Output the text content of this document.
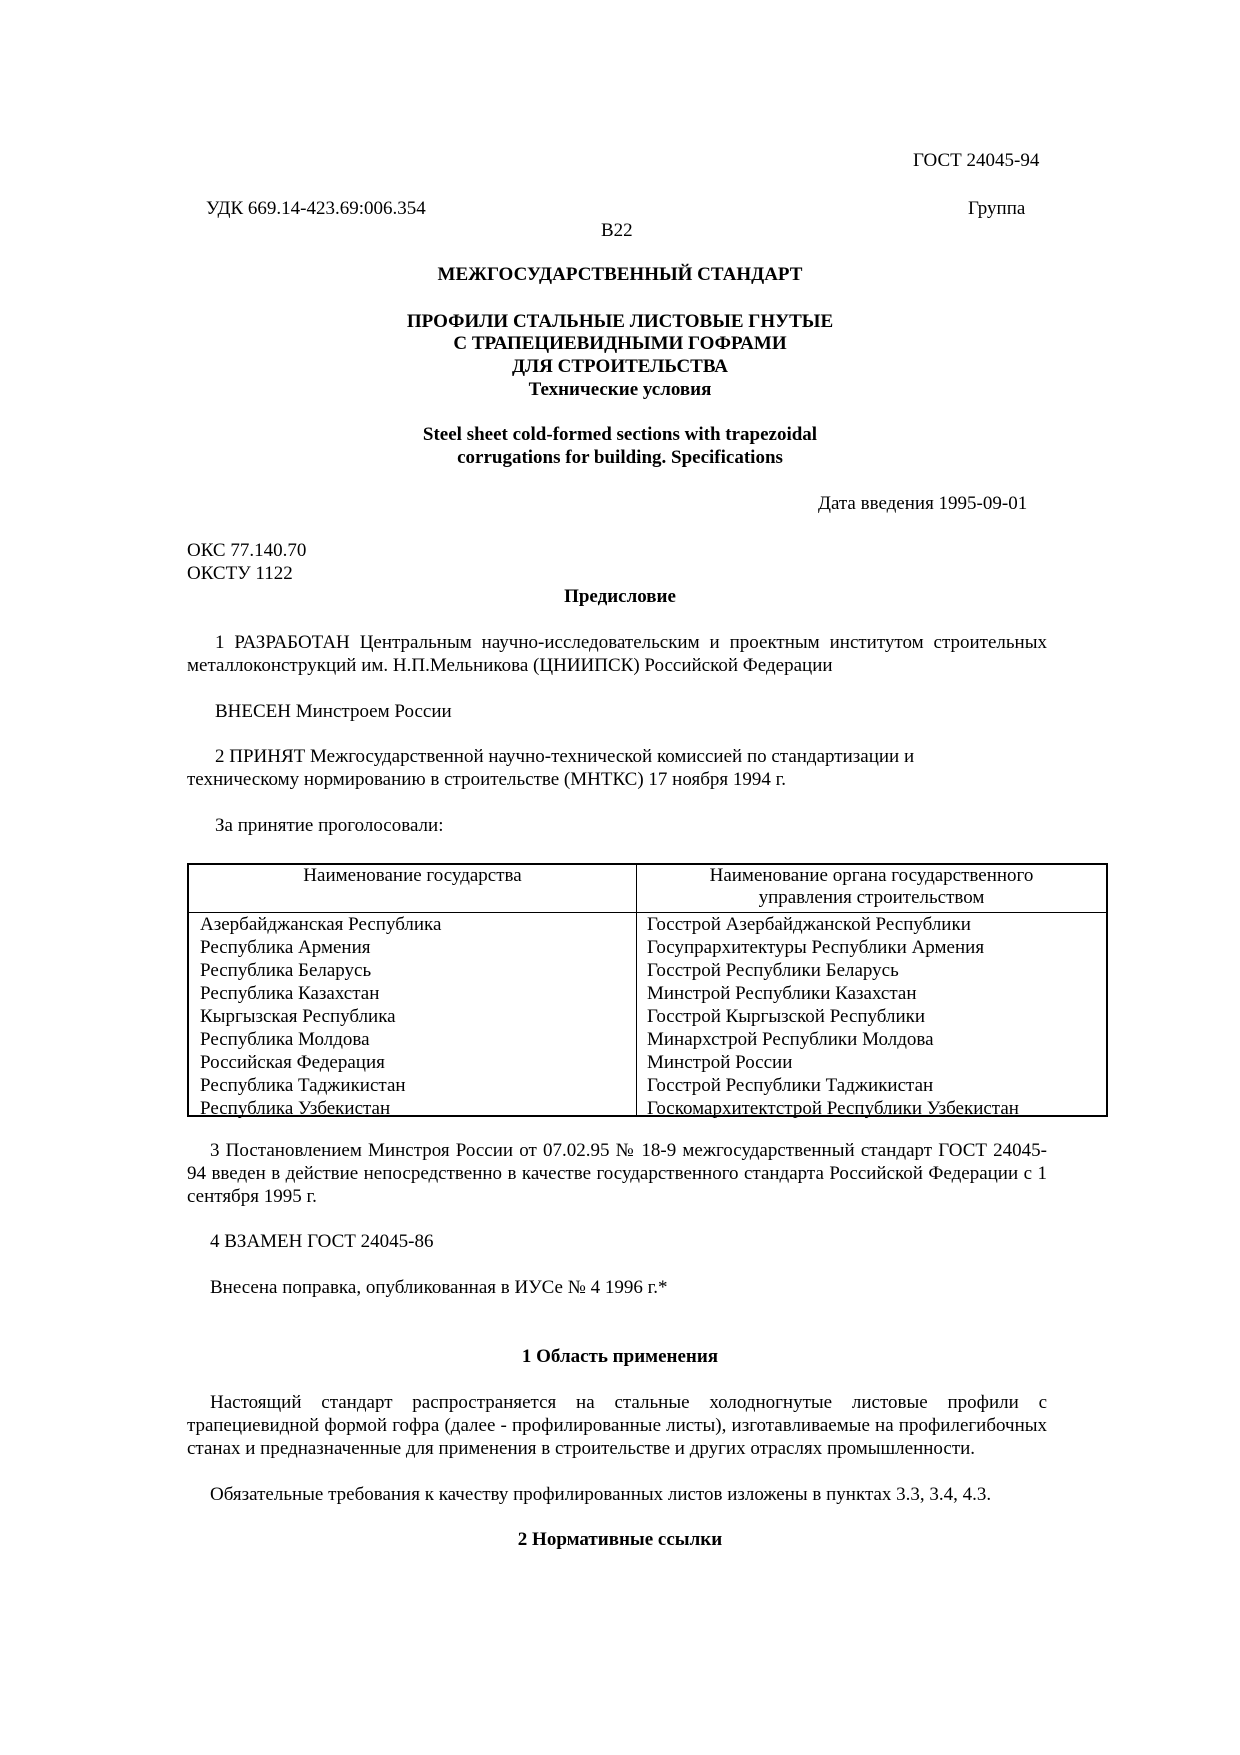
ГОСТ 24045-94
УДК 669.14-423.69:006.354	Группа
В22
МЕЖГОСУДАРСТВЕННЫЙ СТАНДАРТ
ПРОФИЛИ СТАЛЬНЫЕ ЛИСТОВЫЕ ГНУТЫЕ
С ТРАПЕЦИЕВИДНЫМИ ГОФРАМИ
ДЛЯ СТРОИТЕЛЬСТВА
Технические условия
Steel sheet cold-formed sections with trapezoidal
corrugations for building. Specifications
Дата введения 1995-09-01
ОКС 77.140.70
ОКСТУ 1122
Предисловие
1 РАЗРАБОТАН Центральным научно-исследовательским и проектным институтом строительных металлоконструкций им. Н.П.Мельникова (ЦНИИПСК) Российской Федерации
ВНЕСЕН Минстроем России
2 ПРИНЯТ Межгосударственной научно-технической комиссией по стандартизации и техническому нормированию в строительстве (МНТКС) 17 ноября 1994 г.
За принятие проголосовали:
Наименование государства	Наименование органа государственного
управления строительством
Азербайджанская Республика
Республика Армения
Республика Беларусь
Республика Казахстан
Кыргызская Республика
Республика Молдова
Российская Федерация
Республика Таджикистан
Республика Узбекистан
Госстрой Азербайджанской Республики
Госупрархитектуры Республики Армения
Госстрой Республики Беларусь
Минстрой Республики Казахстан
Госстрой Кыргызской Республики
Минархстрой Республики Молдова
Минстрой России
Госстрой Республики Таджикистан
Госкомархитектстрой Республики Узбекистан
3 Постановлением Минстроя России от 07.02.95 № 18-9 межгосударственный стандарт ГОСТ 24045-94 введен в действие непосредственно в качестве государственного стандарта Российской Федерации с 1 сентября 1995 г.
4 ВЗАМЕН ГОСТ 24045-86
Внесена поправка, опубликованная в ИУСе № 4 1996 г.*
1 Область применения
Настоящий стандарт распространяется на стальные холодногнутые листовые профили с трапециевидной формой гофра (далее - профилированные листы), изготавливаемые на профилегибочных станах и предназначенные для применения в строительстве и других отраслях промышленности.
Обязательные требования к качеству профилированных листов изложены в пунктах 3.3, 3.4, 4.3.
2 Нормативные ссылки
